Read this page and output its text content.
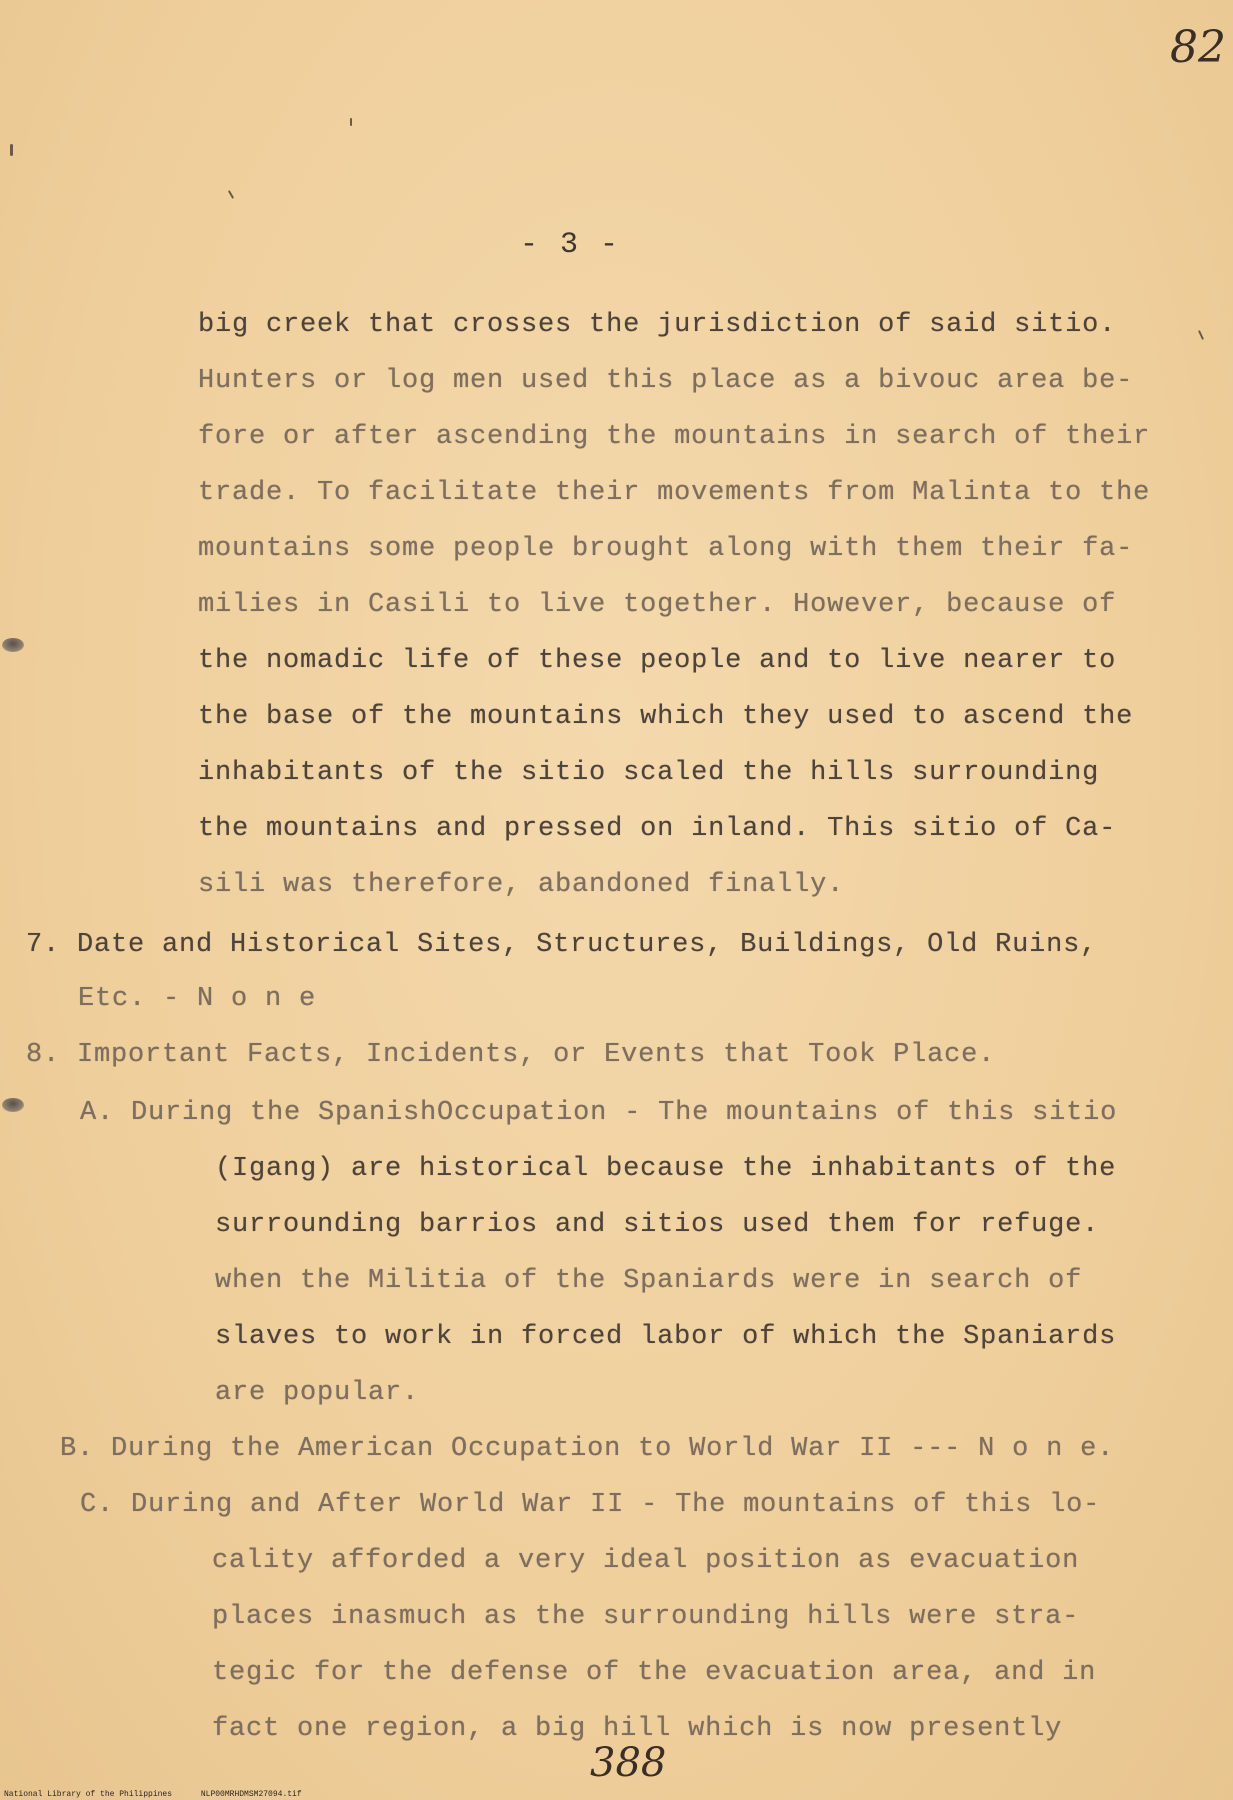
82
- 3 -
big creek that crosses the jurisdiction of said sitio.
Hunters or log men used this place as a bivouc area be-
fore or after ascending the mountains in search of their
trade. To facilitate their movements from Malinta to the
mountains some people brought along with them their fa-
milies in Casili to live together. However, because of
the nomadic life of these people and to live nearer to
the base of the mountains which they used to ascend the
inhabitants of the sitio scaled the hills surrounding
the mountains and pressed on inland. This sitio of Ca-
sili was therefore, abandoned finally.
7. Date and Historical Sites, Structures, Buildings, Old Ruins,
Etc. - N o n e
8. Important Facts, Incidents, or Events that Took Place.
A. During the SpanishOccupation - The mountains of this sitio
(Igang) are historical because the inhabitants of the
surrounding barrios and sitios used them for refuge.
when the Militia of the Spaniards were in search of
slaves to work in forced labor of which the Spaniards
are popular.
B. During the American Occupation to World War II --- N o n e.
C. During and After World War II - The mountains of this lo-
cality afforded a very ideal position as evacuation
places inasmuch as the surrounding hills were stra-
tegic for the defense of the evacuation area, and in
fact one region, a big hill which is now presently
388
National Library of the Philippines	NLP00MRHDMSM27094.tif
